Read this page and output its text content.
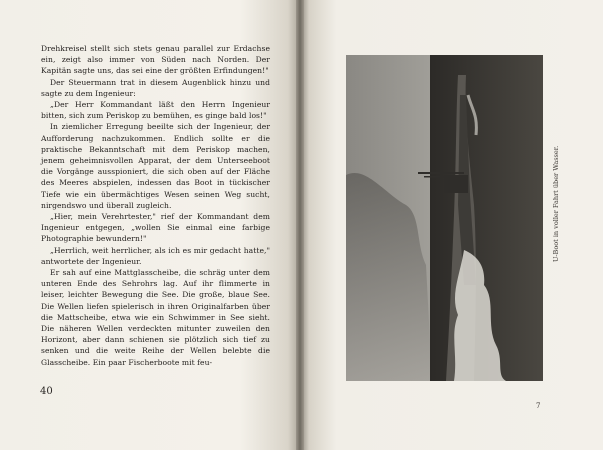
Drehkreisel stellt sich stets genau parallel zur Erdachse ein, zeigt also immer von Süden nach Norden. Der Kapitän sagte uns, das sei eine der größten Erfindungen!"

Der Steuermann trat in diesem Augenblick hinzu und sagte zu dem Ingenieur:

„Der Herr Kommandant läßt den Herrn Ingenieur bitten, sich zum Periskop zu bemühen, es ginge bald los!"

In ziemlicher Erregung beeilte sich der Ingenieur, der Aufforderung nachzukommen. Endlich sollte er die praktische Bekanntschaft mit dem Periskop machen, jenem geheimnisvollen Apparat, der dem Unterseeboot die Vorgänge ausspioniert, die sich oben auf der Fläche des Meeres abspielen, indessen das Boot in tückischer Tiefe wie ein übermächtiges Wesen seinen Weg sucht, nirgendswo und überall zugleich.

„Hier, mein Verehrtester," rief der Kommandant dem Ingenieur entgegen, „wollen Sie einmal eine farbige Photographie bewundern!"

„Herrlich, weit herrlicher, als ich es mir gedacht hatte," antwortete der Ingenieur.

Er sah auf eine Mattglasscheibe, die schräg unter dem unteren Ende des Sehrohrs lag. Auf ihr flimmerte in leiser, leichter Bewegung die See. Die große, blaue See. Die Wellen liefen spielerisch in ihren Originalfarben über die Mattscheibe, etwa wie ein Schwimmer in See sieht. Die näheren Wellen verdeckten mitunter zuweilen den Horizont, aber dann schienen sie plötzlich sich tief zu senken und die weite Reihe der Wellen belebte die Glasscheibe. Ein paar Fischerboote mit feu-

40
U-Boot in voller Fahrt über Wasser.
7
